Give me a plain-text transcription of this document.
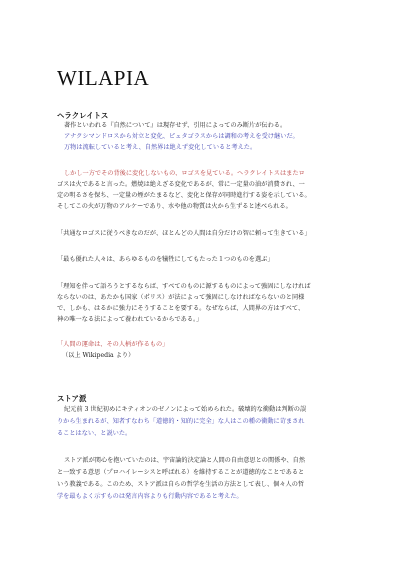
WILAPIA
ヘラクレイトス
著作といわれる『自然について』は現存せず、引用によってのみ断片が伝わる。
アナクシマンドロスから対立と変化、ピュタゴラスからは調和の考えを受け継いだ。
万物は流転していると考え、自然界は絶えず変化していると考えた。
しかし一方でその背後に変化しないもの、ロゴスを見ている。ヘラクレイトスはまたロ
ゴスは火であると言った。燃焼は絶えざる変化であるが、常に一定量の油が消費され、一
定の明るさを保ち、一定量の煙がたまるなど、変化と保存が同時進行する姿を示している。
そしてこの火が万物のアルケーであり、水や他の物質は火から生ずると述べられる。
「共通なロゴスに従うべきなのだが、ほとんどの人間は自分だけの智に頼って生きている」
「最も優れた人々は、あらゆるものを犠牲にしてもたった１つのものを選ぶ」
「理知を伴って語ろうとするならば、すべてのものに源するものによって強固にしなければ
ならないのは、あたかも国家（ポリス）が法によって強固にしなければならないのと同様
で、しかも、はるかに強力にそうすることを要する。なぜならば、人間界の方はすべて、
神の唯一なる法によって養われているからである。」
「人間の運命は、その人柄が作るもの」
（以上 Wikipedia より）
ストア派
紀元前 3 世紀初めにキティオンのゼノンによって始められた。破壊的な衝動は判断の誤
りから生まれるが、知者すなわち「道徳的・知的に完全」な人はこの種の衝動に苛まされ
ることはない、と説いた。
ストア派が関心を抱いていたのは、宇宙論的決定論と人間の自由意思との関係や、自然
と一致する意思（プロハイレーシスと呼ばれる）を維持することが道徳的なことであると
いう教義である。このため、ストア派は自らの哲学を生活の方法として表し、個々人の哲
学を最もよく示すものは発言内容よりも行動内容であると考えた。
